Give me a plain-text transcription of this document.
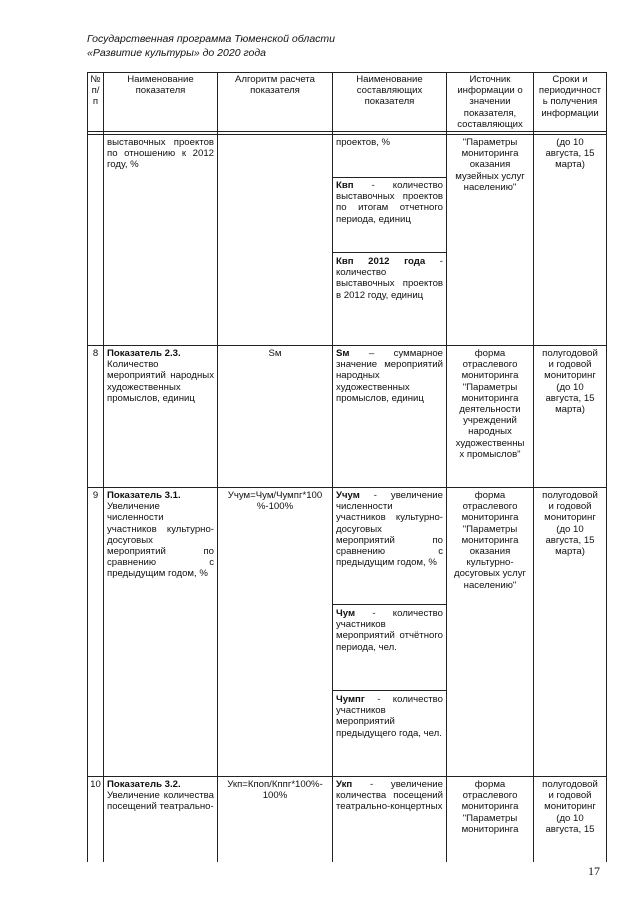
Государственная программа Тюменской области
«Развитие культуры» до 2020 года
№
п/
п
Наименование
показателя
Алгоритм расчета
показателя
Наименование
составляющих
показателя
Источник
информации о
значении
показателя,
составляющих
Сроки и
периодичност
ь получения
информации
выставочных проектов по отношению к 2012 году, %
проектов, %
Квп - количество выставочных проектов по итогам отчетного периода, единиц
Квп 2012 года - количество выставочных проектов в 2012 году, единиц
"Параметры
мониторинга
оказания
музейных услуг
населению"
(до 10
августа, 15
марта)
8 Показатель 2.3.
Количество мероприятий народных художественных промыслов, единиц
Sм	Sм – суммарное значение мероприятий народных художественных промыслов, единиц
форма
отраслевого
мониторинга
"Параметры
мониторинга
деятельности
учреждений
народных
художественны
х промыслов"
полугодовой
и годовой
мониторинг
(до 10
августа, 15
марта)
9 Показатель 3.1.
Увеличение численности участников культурно-досуговых мероприятий по сравнению с предыдущим годом, %
Учум=Чум/Чумпг*100
%-100%
Учум - увеличение численности участников культурно-досуговых мероприятий по сравнению с предыдущим годом, %
Чум - количество участников мероприятий отчётного периода, чел.
Чумпг - количество участников мероприятий предыдущего года, чел.
форма
отраслевого
мониторинга
"Параметры
мониторинга
оказания
культурно-
досуговых услуг
населению"
полугодовой
и годовой
мониторинг
(до 10
августа, 15
марта)
10 Показатель 3.2.
Увеличение количества посещений театрально-
Укп=Кпоп/Кппг*100%-
100%
Укп - увеличение количества посещений театрально-концертных
форма
отраслевого
мониторинга
"Параметры
мониторинга
полугодовой
и годовой
мониторинг
(до 10
августа, 15
17
